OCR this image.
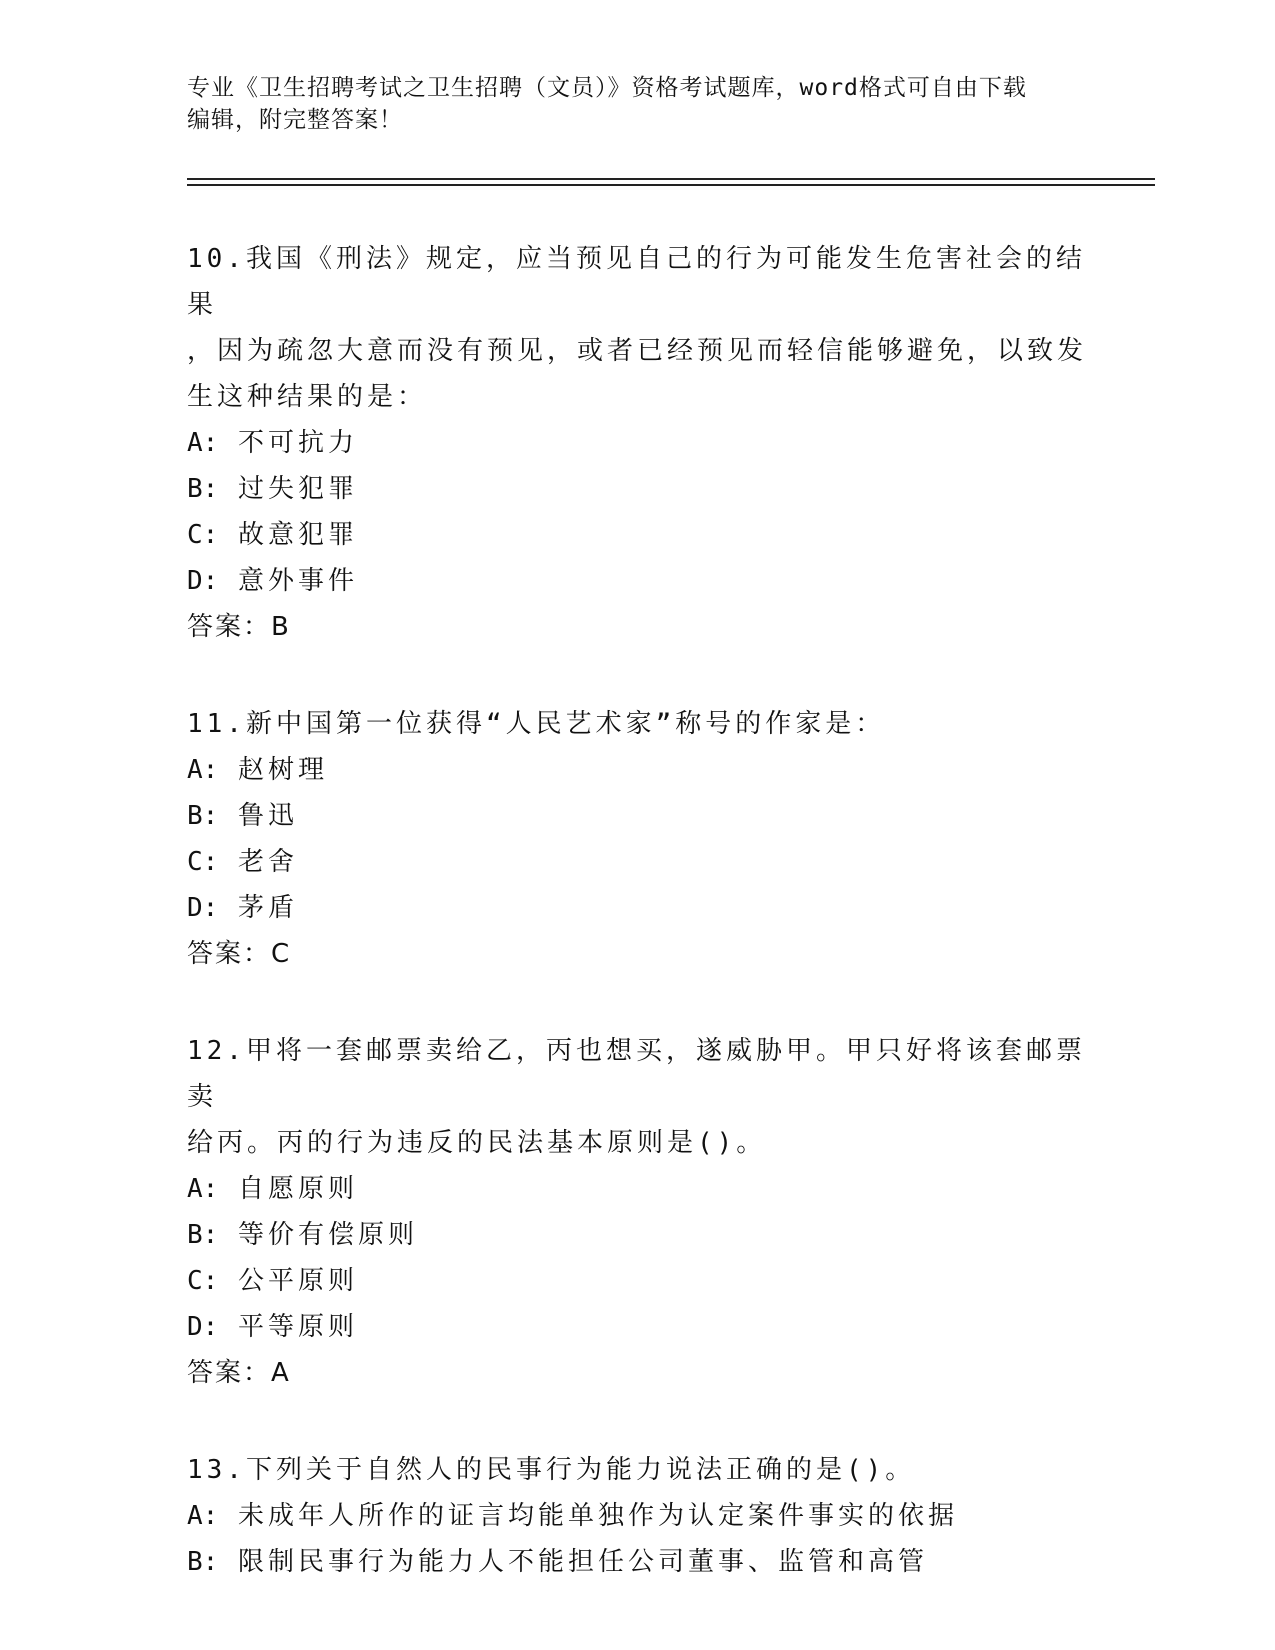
专业《卫生招聘考试之卫生招聘（文员）》资格考试题库，word格式可自由下载
编辑，附完整答案！

10.我国《刑法》规定，应当预见自己的行为可能发生危害社会的结果

，因为疏忽大意而没有预见，或者已经预见而轻信能够避免，以致发

生这种结果的是：

A: 不可抗力

B: 过失犯罪

C: 故意犯罪

D: 意外事件

答案：B

11.新中国第一位获得“人民艺术家”称号的作家是：

A: 赵树理

B: 鲁迅

C: 老舍

D: 茅盾

答案：C

12.甲将一套邮票卖给乙，丙也想买，遂威胁甲。甲只好将该套邮票卖

给丙。丙的行为违反的民法基本原则是()。

A: 自愿原则

B: 等价有偿原则

C: 公平原则

D: 平等原则

答案：A

13.下列关于自然人的民事行为能力说法正确的是()。

A: 未成年人所作的证言均能单独作为认定案件事实的依据

B: 限制民事行为能力人不能担任公司董事、监管和高管
